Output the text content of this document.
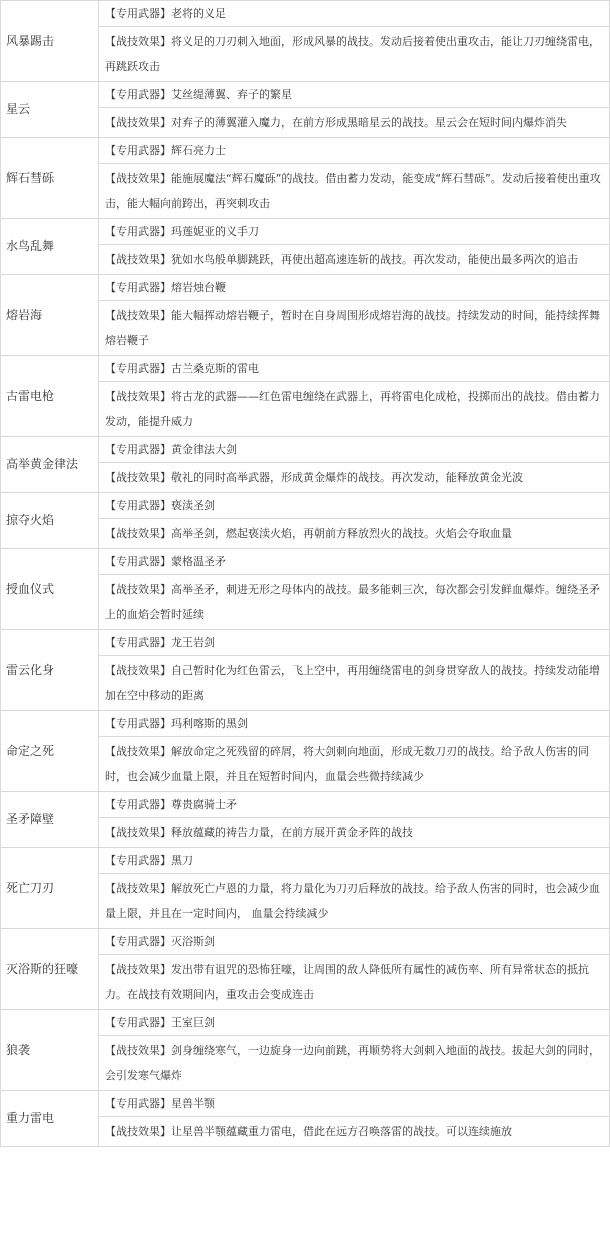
风暴踢击	【专用武器】老将的义足
	【战技效果】将义足的刀刃刺入地面，形成风暴的战技。发动后接着使出重攻击，能让刀刃缠绕雷电，再跳跃攻击
星云	【专用武器】艾丝缇薄翼、弃子的繁星
	【战技效果】对弃子的薄翼灌入魔力，在前方形成黑暗星云的战技。星云会在短时间内爆炸消失
辉石彗砾	【专用武器】辉石亮力士
	【战技效果】能施展魔法“辉石魔砾”的战技。借由蓄力发动，能变成“辉石彗砾”。发动后接着使出重攻击，能大幅向前跨出，再突刺攻击
水鸟乱舞	【专用武器】玛莲妮亚的义手刀
	【战技效果】犹如水鸟般单脚跳跃，再使出超高速连斩的战技。再次发动，能使出最多两次的追击
熔岩海	【专用武器】熔岩烛台鞭
	【战技效果】能大幅挥动熔岩鞭子，暂时在自身周围形成熔岩海的战技。持续发动的时间，能持续挥舞熔岩鞭子
古雷电枪	【专用武器】古兰桑克斯的雷电
	【战技效果】将古龙的武器——红色雷电缠绕在武器上，再将雷电化成枪，投掷而出的战技。借由蓄力发动，能提升威力
高举黄金律法	【专用武器】黄金律法大剑
	【战技效果】敬礼的同时高举武器，形成黄金爆炸的战技。再次发动，能释放黄金光波
掠夺火焰	【专用武器】亵渎圣剑
	【战技效果】高举圣剑，燃起亵渎火焰，再朝前方释放烈火的战技。火焰会夺取血量
授血仪式	【专用武器】蒙格温圣矛
	【战技效果】高举圣矛，刺进无形之母体内的战技。最多能刺三次，每次都会引发鲜血爆炸。缠绕圣矛上的血焰会暂时延续
雷云化身	【专用武器】龙王岩剑
	【战技效果】自己暂时化为红色雷云，飞上空中，再用缠绕雷电的剑身贯穿敌人的战技。持续发动能增加在空中移动的距离
命定之死	【专用武器】玛利喀斯的黑剑
	【战技效果】解放命定之死残留的碎屑，将大剑刺向地面，形成无数刀刃的战技。给予敌人伤害的同时，也会减少血量上限，并且在短暂时间内，血量会些微持续减少
圣矛障壁	【专用武器】尊贵腐骑士矛
	【战技效果】释放蕴藏的祷告力量，在前方展开黄金矛阵的战技
死亡刀刃	【专用武器】黑刀
	【战技效果】解放死亡卢恩的力量，将力量化为刀刃后释放的战技。给予敌人伤害的同时，也会减少血量上限，并且在一定时间内， 血量会持续减少
灭浴斯的狂嚎	【专用武器】灭浴斯剑
	【战技效果】发出带有诅咒的恐怖狂嚎，让周围的敌人降低所有属性的减伤率、所有异常状态的抵抗力。在战技有效期间内，重攻击会变成连击
狼袭	【专用武器】王室巨剑
	【战技效果】剑身缠绕寒气，一边旋身一边向前跳，再顺势将大剑刺入地面的战技。拔起大剑的同时，会引发寒气爆炸
重力雷电	【专用武器】星兽半颚
	【战技效果】让星兽半颚蕴藏重力雷电，借此在远方召唤落雷的战技。可以连续施放
